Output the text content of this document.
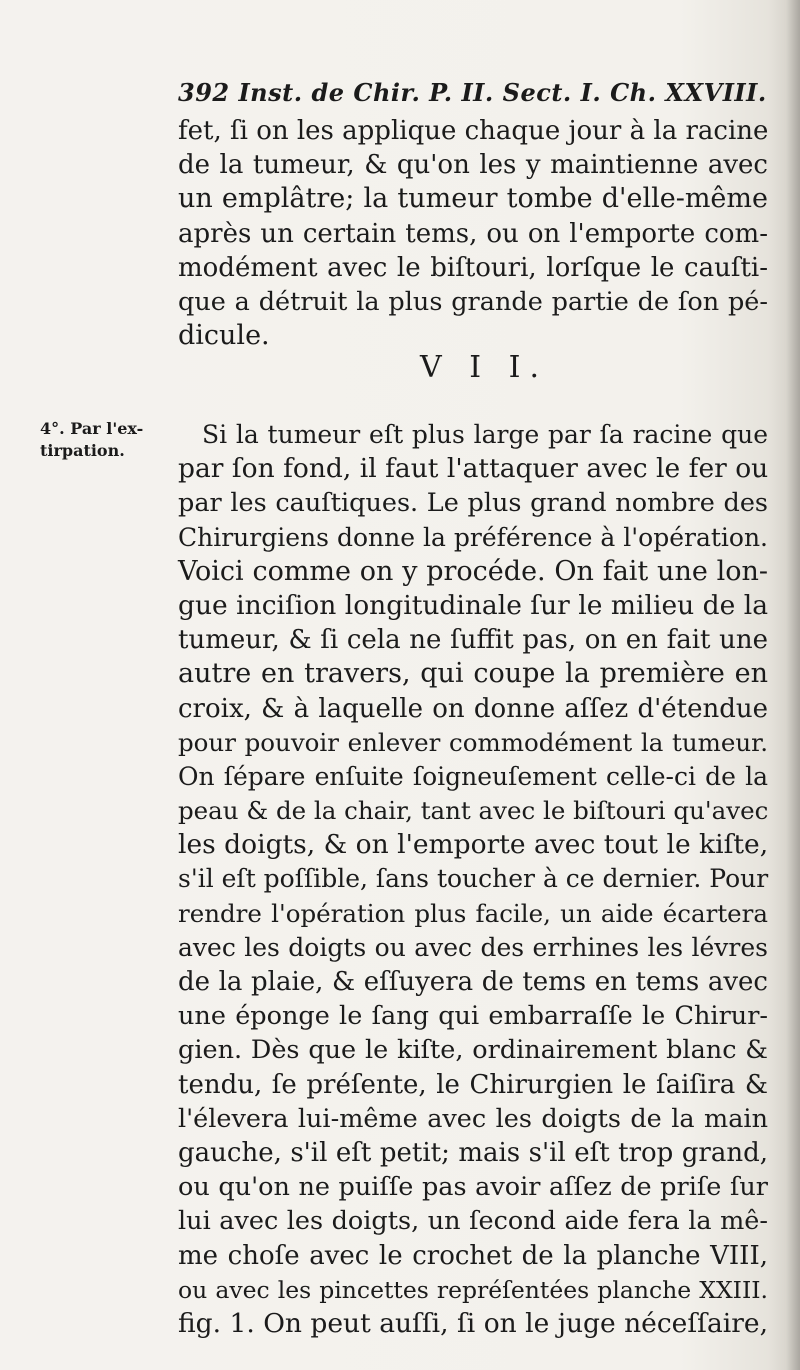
392 Inst. de Chir. P. II. Sect. I. Ch. XXVIII.
fet, ſi on les applique chaque jour à la racine
de la tumeur, & qu'on les y maintienne avec
un emplâtre; la tumeur tombe d'elle-même
après un certain tems, ou on l'emporte com-
modément avec le biſtouri, lorſque le cauſti-
que a détruit la plus grande partie de ſon pé-
dicule.
V I I.
4°. Par l'ex-
tirpation.
Si la tumeur eſt plus large par ſa racine que
par ſon fond, il faut l'attaquer avec le fer ou
par les cauſtiques. Le plus grand nombre des
Chirurgiens donne la préférence à l'opération.
Voici comme on y procéde. On fait une lon-
gue inciſion longitudinale ſur le milieu de la
tumeur, & ſi cela ne ſuffit pas, on en fait une
autre en travers, qui coupe la première en
croix, & à laquelle on donne aſſez d'étendue
pour pouvoir enlever commodément la tumeur.
On ſépare enſuite ſoigneuſement celle-ci de la
peau & de la chair, tant avec le biſtouri qu'avec
les doigts, & on l'emporte avec tout le kiſte,
s'il eſt poſſible, ſans toucher à ce dernier. Pour
rendre l'opération plus facile, un aide écartera
avec les doigts ou avec des errhines les lévres
de la plaie, & eſſuyera de tems en tems avec
une éponge le ſang qui embarraſſe le Chirur-
gien. Dès que le kiſte, ordinairement blanc &
tendu, ſe préſente, le Chirurgien le ſaiſira &
l'élevera lui-même avec les doigts de la main
gauche, s'il eſt petit; mais s'il eſt trop grand,
ou qu'on ne puiſſe pas avoir aſſez de priſe ſur
lui avec les doigts, un ſecond aide fera la mê-
me choſe avec le crochet de la planche VIII,
ou avec les pincettes repréſentées planche XXIII.
fig. 1. On peut auſſi, ſi on le juge néceſſaire,
